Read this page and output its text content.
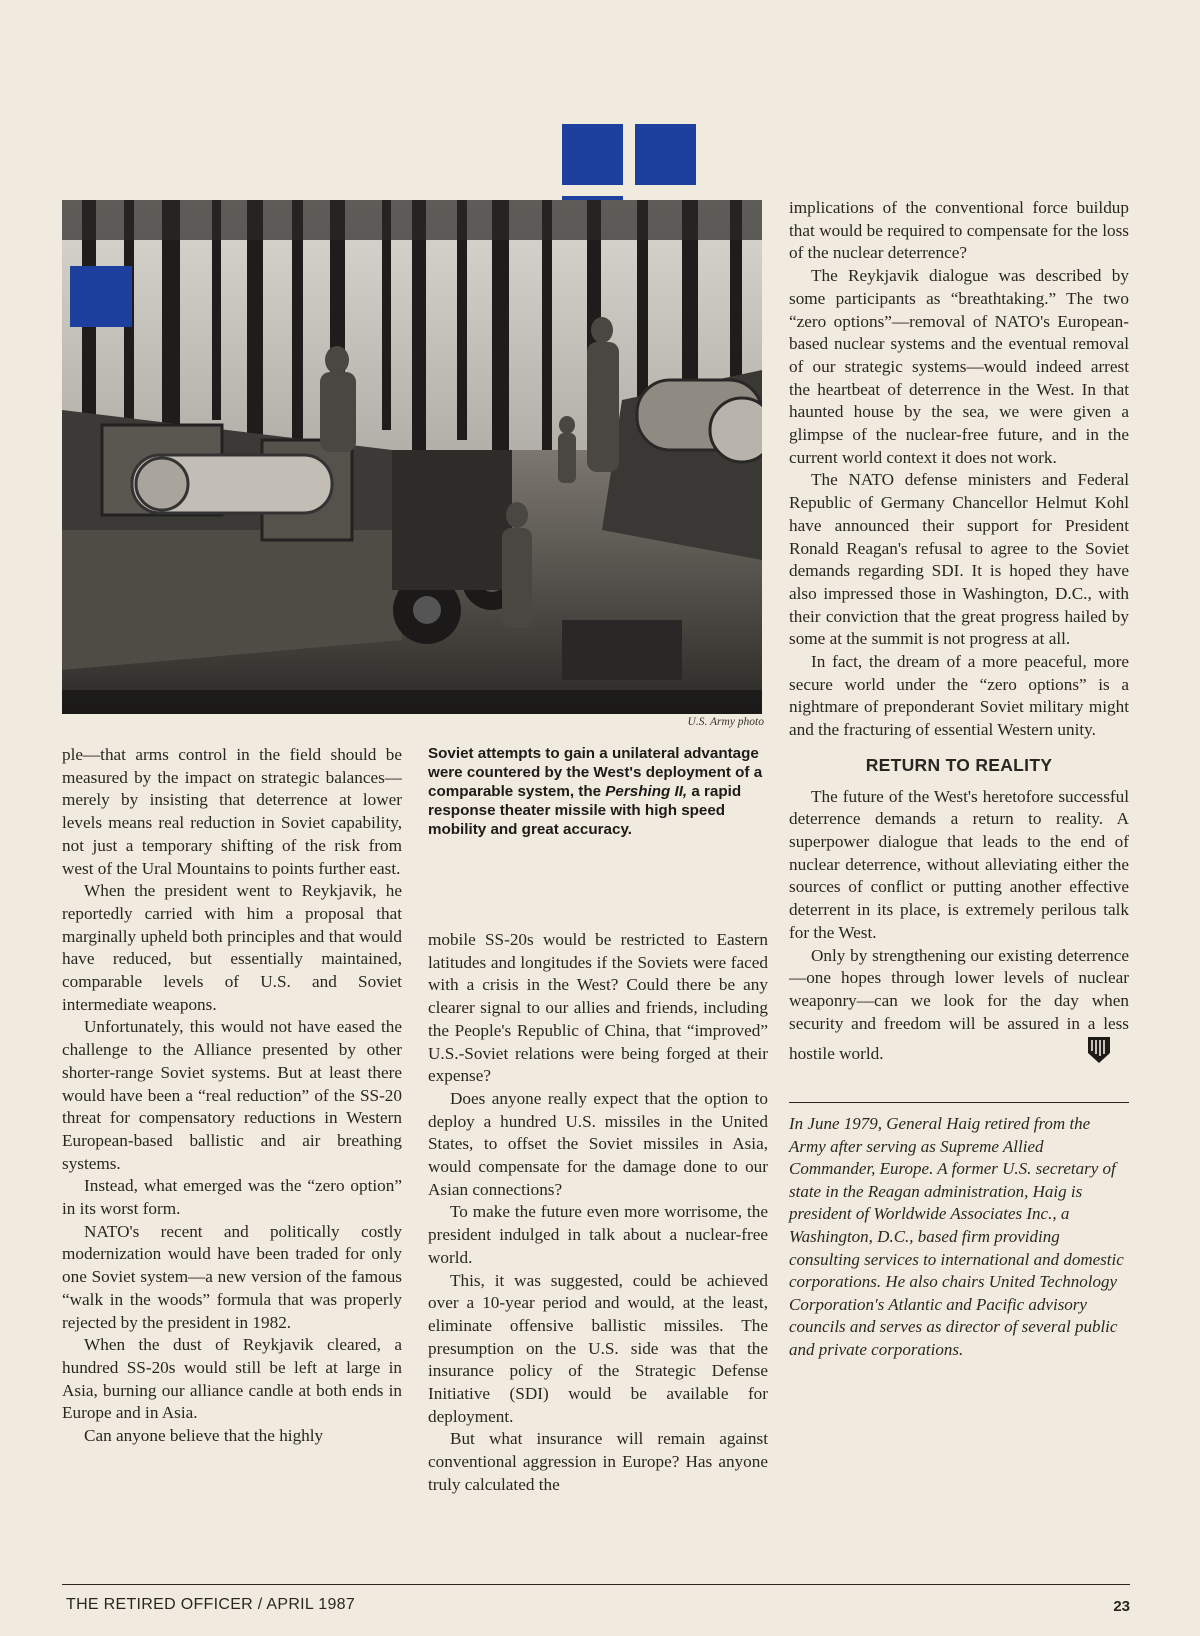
U.S. Army photo
Soviet attempts to gain a unilateral advantage were countered by the West's deployment of a comparable system, the Pershing II, a rapid response theater missile with high speed mobility and great accuracy.

ple—that arms control in the field should be measured by the impact on strategic balances—merely by insisting that deterrence at lower levels means real reduction in Soviet capability, not just a temporary shifting of the risk from west of the Ural Mountains to points further east.

When the president went to Reykjavik, he reportedly carried with him a proposal that marginally upheld both principles and that would have reduced, but essentially maintained, comparable levels of U.S. and Soviet intermediate weapons.

Unfortunately, this would not have eased the challenge to the Alliance presented by other shorter-range Soviet systems. But at least there would have been a “real reduction” of the SS-20 threat for compensatory reductions in Western European-based ballistic and air breathing systems.

Instead, what emerged was the “zero option” in its worst form.

NATO's recent and politically costly modernization would have been traded for only one Soviet system—a new version of the famous “walk in the woods” formula that was properly rejected by the president in 1982.

When the dust of Reykjavik cleared, a hundred SS-20s would still be left at large in Asia, burning our alliance candle at both ends in Europe and in Asia.

Can anyone believe that the highly

mobile SS-20s would be restricted to Eastern latitudes and longitudes if the Soviets were faced with a crisis in the West? Could there be any clearer signal to our allies and friends, including the People's Republic of China, that “improved” U.S.-Soviet relations were being forged at their expense?

Does anyone really expect that the option to deploy a hundred U.S. missiles in the United States, to offset the Soviet missiles in Asia, would compensate for the damage done to our Asian connections?

To make the future even more worrisome, the president indulged in talk about a nuclear-free world.

This, it was suggested, could be achieved over a 10-year period and would, at the least, eliminate offensive ballistic missiles. The presumption on the U.S. side was that the insurance policy of the Strategic Defense Initiative (SDI) would be available for deployment.

But what insurance will remain against conventional aggression in Europe? Has anyone truly calculated the

implications of the conventional force buildup that would be required to compensate for the loss of the nuclear deterrence?

The Reykjavik dialogue was described by some participants as “breathtaking.” The two “zero options”—removal of NATO's European-based nuclear systems and the eventual removal of our strategic systems—would indeed arrest the heartbeat of deterrence in the West. In that haunted house by the sea, we were given a glimpse of the nuclear-free future, and in the current world context it does not work.

The NATO defense ministers and Federal Republic of Germany Chancellor Helmut Kohl have announced their support for President Ronald Reagan's refusal to agree to the Soviet demands regarding SDI. It is hoped they have also impressed those in Washington, D.C., with their conviction that the great progress hailed by some at the summit is not progress at all.

In fact, the dream of a more peaceful, more secure world under the “zero options” is a nightmare of preponderant Soviet military might and the fracturing of essential Western unity.

RETURN TO REALITY

The future of the West's heretofore successful deterrence demands a return to reality. A superpower dialogue that leads to the end of nuclear deterrence, without alleviating either the sources of conflict or putting another effective deterrent in its place, is extremely perilous talk for the West.

Only by strengthening our existing deterrence—one hopes through lower levels of nuclear weaponry—can we look for the day when security and freedom will be assured in a less hostile world.

In June 1979, General Haig retired from the Army after serving as Supreme Allied Commander, Europe. A former U.S. secretary of state in the Reagan administration, Haig is president of Worldwide Associates Inc., a Washington, D.C., based firm providing consulting services to international and domestic corporations. He also chairs United Technology Corporation's Atlantic and Pacific advisory councils and serves as director of several public and private corporations.

THE RETIRED OFFICER / APRIL 1987	23
